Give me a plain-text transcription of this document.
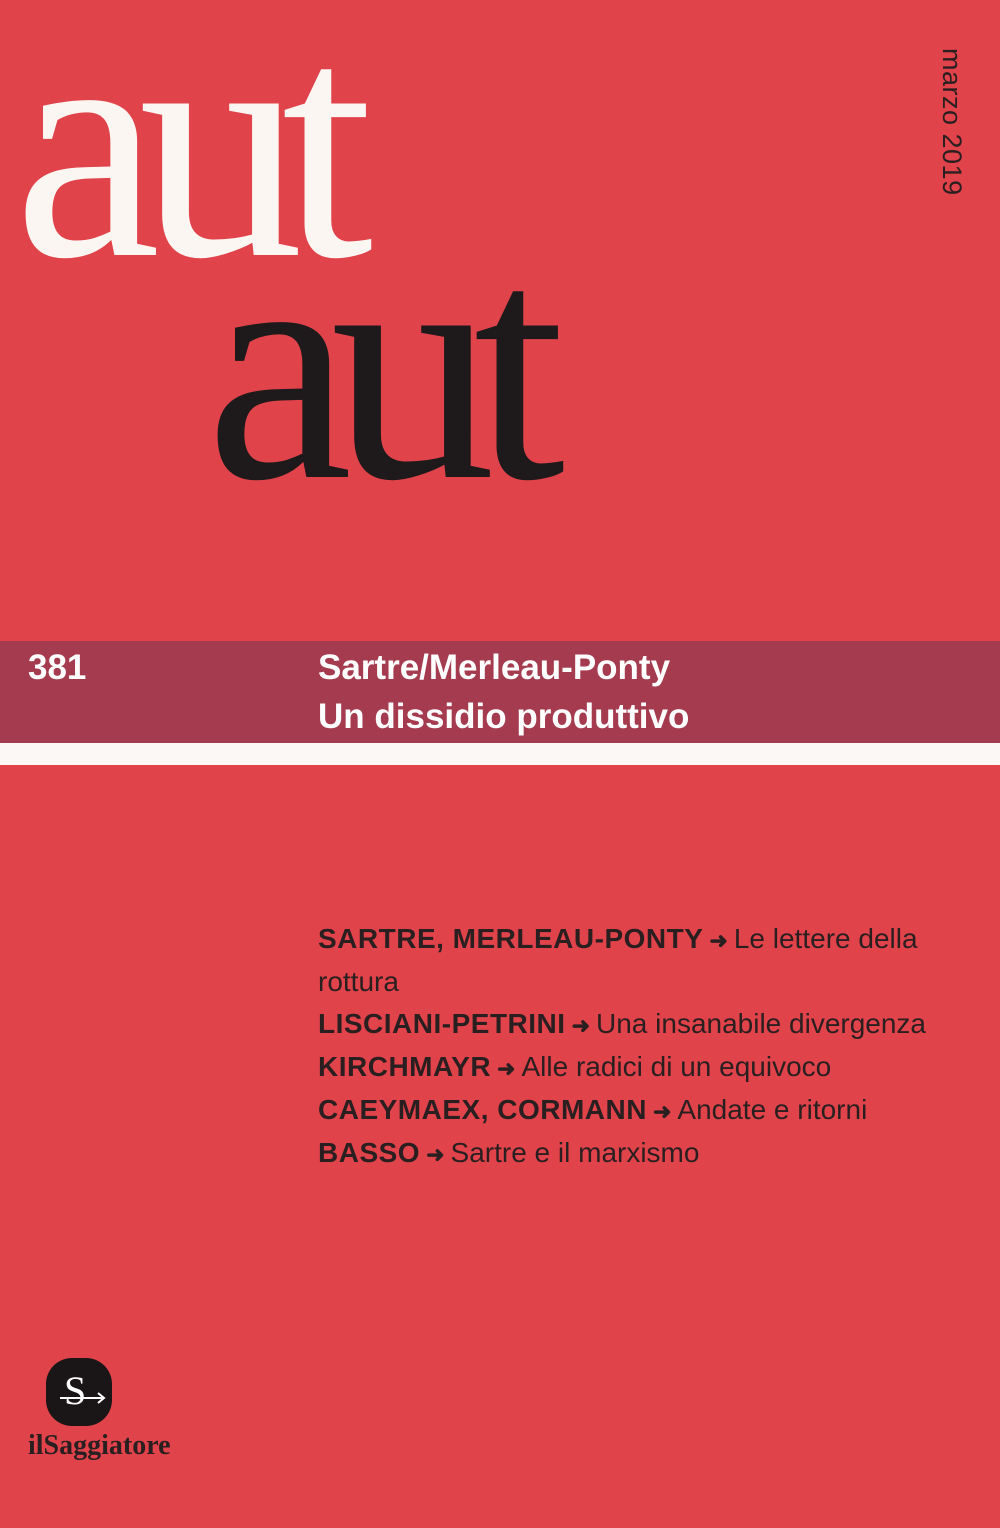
aut
aut
marzo 2019
381	Sartre/Merleau-Ponty
Un dissidio produttivo
SARTRE, MERLEAU-PONTY ➜ Le lettere della rottura
LISCIANI-PETRINI ➜ Una insanabile divergenza
KIRCHMAYR ➜ Alle radici di un equivoco
CAEYMAEX, CORMANN ➜ Andate e ritorni
BASSO ➜ Sartre e il marxismo
S
ilSaggiatore
